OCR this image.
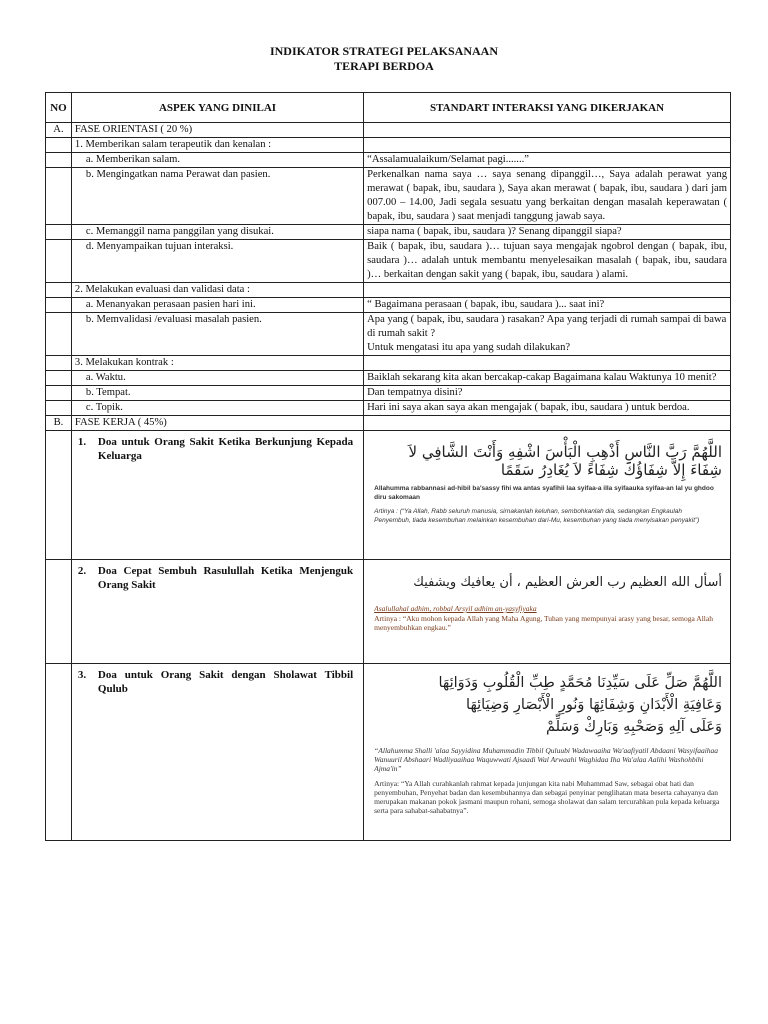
INDIKATOR STRATEGI PELAKSANAAN
TERAPI BERDOA
NO	ASPEK YANG DINILAI	STANDART INTERAKSI YANG DIKERJAKAN
A.	FASE ORIENTASI ( 20 %)	
	1. Memberikan salam terapeutik dan kenalan :	
	a. Memberikan salam.	“Assalamualaikum/Selamat pagi.......”
	b. Mengingatkan nama Perawat dan pasien.	Perkenalkan nama saya … saya senang dipanggil…, Saya adalah perawat yang merawat ( bapak, ibu, saudara ), Saya akan merawat ( bapak, ibu, saudara ) dari jam 007.00 – 14.00, Jadi segala sesuatu yang berkaitan dengan masalah keperawatan ( bapak, ibu, saudara ) saat menjadi tanggung jawab saya.
	c. Memanggil nama panggilan yang disukai.	siapa nama ( bapak, ibu, saudara )? Senang dipanggil siapa?
	d. Menyampaikan tujuan interaksi.	Baik ( bapak, ibu, saudara )… tujuan saya mengajak ngobrol dengan ( bapak, ibu, saudara )… adalah untuk membantu menyelesaikan masalah ( bapak, ibu, saudara )… berkaitan dengan sakit yang ( bapak, ibu, saudara ) alami.
	2. Melakukan evaluasi dan validasi data :	
	a. Menanyakan perasaan pasien hari ini.	“ Bagaimana perasaan ( bapak, ibu, saudara )... saat ini?
	b. Memvalidasi /evaluasi masalah pasien.	Apa yang ( bapak, ibu, saudara ) rasakan? Apa yang terjadi di rumah sampai di bawa di rumah sakit ?
Untuk mengatasi itu apa yang sudah dilakukan?

	3. Melakukan kontrak :	
	a. Waktu.	Baiklah sekarang kita akan bercakap-cakap Bagaimana kalau Waktunya 10 menit?
	b. Tempat.	Dan tempatnya disini?
	c. Topik.	Hari ini saya akan saya akan mengajak ( bapak, ibu, saudara ) untuk berdoa.
B.	FASE KERJA ( 45%)	
	1. Doa untuk Orang Sakit Ketika Berkunjung Kepada Keluarga	اللَّهُمَّ رَبَّ النَّاسِ أَذْهِبِ الْبَأْسَ اشْفِهِ وَأَنْتَ الشَّافِي لاَ شِفَاءَ إِلاَّ شِفَاؤُكَ شِفَاءً لاَ يُغَادِرُ سَقَمًا
Allahumma rabbannasi ad-hibil ba'sassy fihi wa antas syafihii laa syifaa-a illa syifaauka syifaa-an lal yu ghdoo diru sakomaan
Artinya : (“Ya Allah, Rabb seluruh manusia, sirnakanlah keluhan, sembohkanlah dia, sedangkan Engkaulah Penyembuh, tiada kesembuhan melainkan kesembuhan dari-Mu, kesembuhan yang tiada menyisakan penyakit”)

	2. Doa Cepat Sembuh Rasulullah Ketika Menjenguk Orang Sakit	أسأل الله العظيم رب العرش العظيم ، أن يعافيك ويشفيك
Asalullahal adhim, robbal Arsyil adhim an-yasyfiyaka
Artinya : “Aku mohon kepada Allah yang Maha Agung, Tuhan yang mempunyai arasy yang besar, semoga Allah menyembuhkan engkau.”

	3. Doa untuk Orang Sakit dengan Sholawat Tibbil Qulub	اللَّهُمَّ صَلِّ عَلَى سَيِّدِنَا مُحَمَّدٍ طِبِّ الْقُلُوبِ وَدَوَائِهَا
وَعَافِيَةِ الْأَبْدَانِ وَشِفَائِهَا وَنُورِ الْأَبْصَارِ وَضِيَائِهَا
وَعَلَى آلِهِ وَصَحْبِهِ وَبَارِكْ وَسَلِّمْ
“Allahumma Shalli 'alaa Sayyidina Muhammadin Tibbil Quluubi Wadawaaiha Wa'aafiyatil Abdaani Wasyifaaihaa Wanuuril Abshaari Wadliyaaihaa Waquwwati Ajsaadi Wal Arwaahi Waghidaa Iha Wa'alaa Aalihi Washohbihi Ajma'in”
Artinya: “Ya Allah curahkanlah rahmat kepada junjungan kita nabi Muhammad Saw, sebagai obat hati dan penyembuhan, Penyehat badan dan kesembuhannya dan sebagai penyinar penglihatan mata beserta cahayanya dan merupakan makanan pokok jasmani maupun rohani, semoga sholawat dan salam tercurahkan pula kepada keluarga serta para sahabat-sahabatnya”.
